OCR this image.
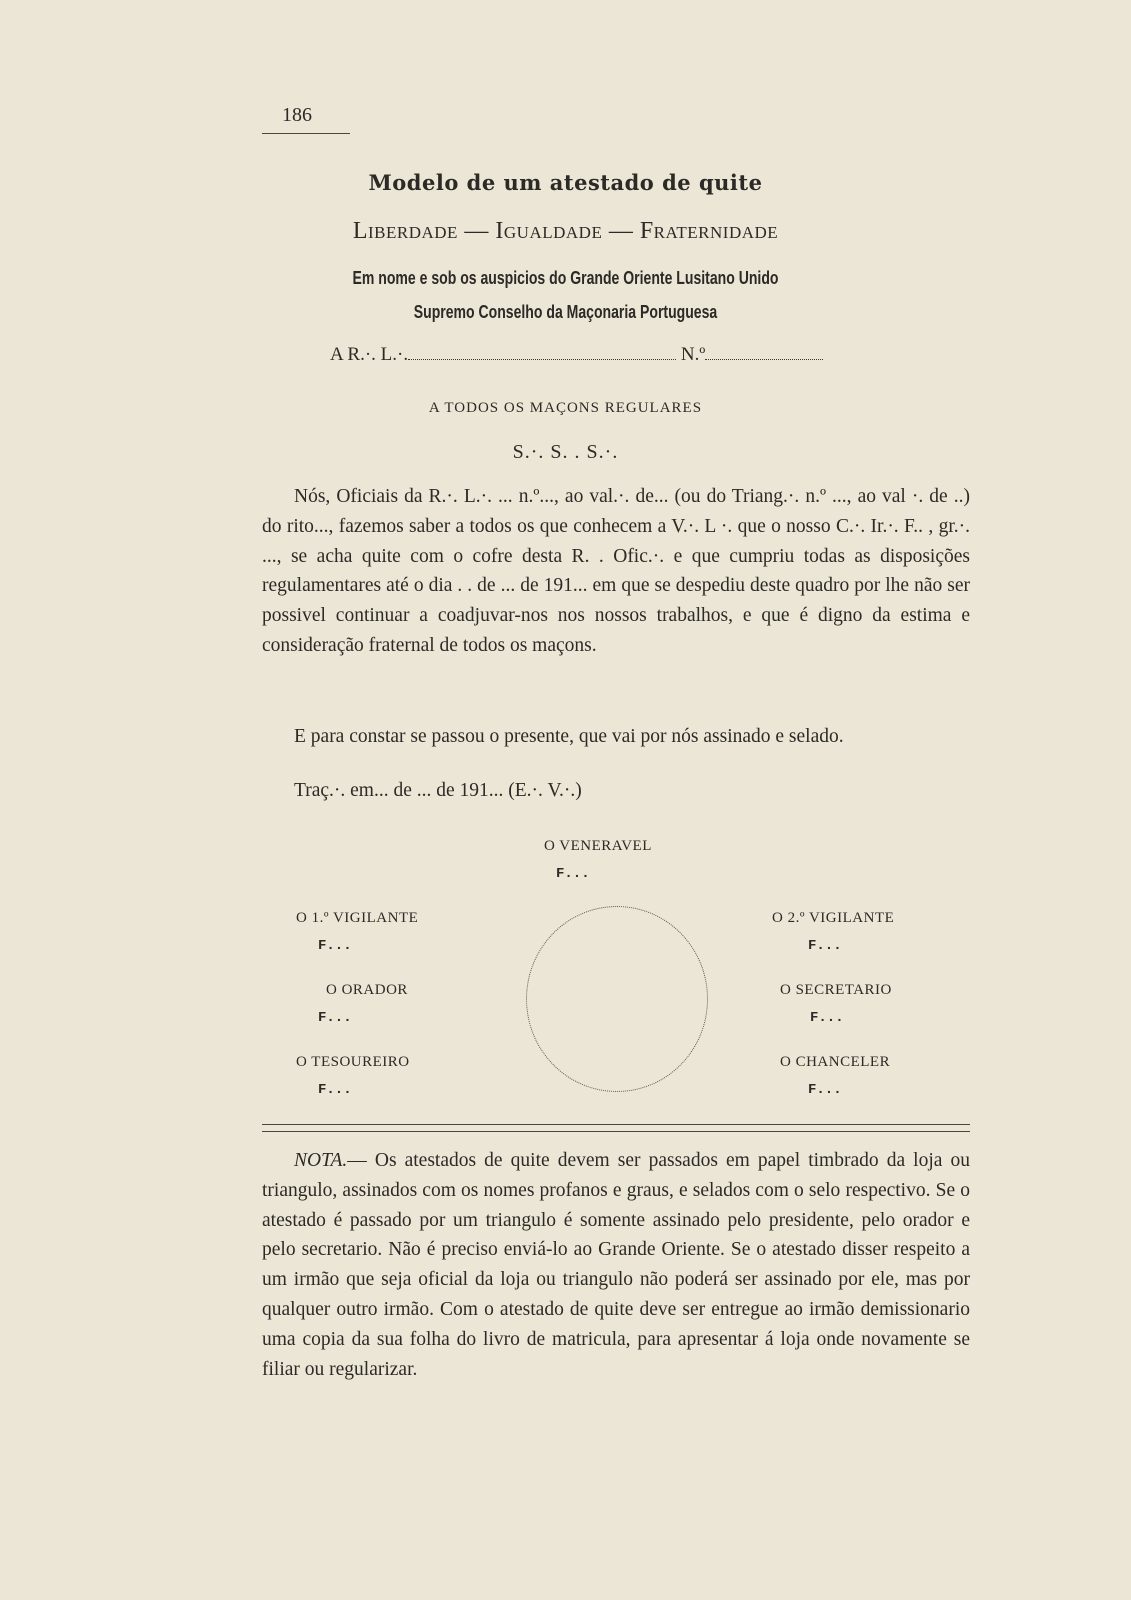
186
Modelo de um atestado de quite
Liberdade — Igualdade — Fraternidade
Em nome e sob os auspicios do Grande Oriente Lusitano Unido
Supremo Conselho da Maçonaria Portuguesa
A R.·. L.·.	N.º
A TODOS OS MAÇONS REGULARES
S.·. S. . S.·.

Nós, Oficiais da R.·. L.·. ... n.º..., ao val.·. de... (ou do Triang.·. n.º ..., ao val ·. de ..) do rito..., fazemos saber a todos os que conhecem a V.·. L ·. que o nosso C.·. Ir.·. F.. , gr.·. ..., se acha quite com o cofre desta R. . Ofic.·. e que cumpriu todas as disposições regulamentares até o dia . . de ... de 191... em que se despediu deste quadro por lhe não ser possivel continuar a coadjuvar-nos nos nossos trabalhos, e que é digno da estima e consideração fraternal de todos os maçons.

E para constar se passou o presente, que vai por nós assinado e selado.

Traç.·. em... de ... de 191... (E.·. V.·.)
O VENERAVEL
F...
O 1.º VIGILANTE
F...
O ORADOR
F...
O TESOUREIRO
F...
O 2.º VIGILANTE
F...
O SECRETARIO
F...
O CHANCELER
F...

NOTA.— Os atestados de quite devem ser passados em papel timbrado da loja ou triangulo, assinados com os nomes profanos e graus, e selados com o selo respectivo. Se o atestado é passado por um triangulo é somente assinado pelo presidente, pelo orador e pelo secretario. Não é preciso enviá-lo ao Grande Oriente. Se o atestado disser respeito a um irmão que seja oficial da loja ou triangulo não poderá ser assinado por ele, mas por qualquer outro irmão. Com o atestado de quite deve ser entregue ao irmão demissionario uma copia da sua folha do livro de matricula, para apresentar á loja onde novamente se filiar ou regularizar.
